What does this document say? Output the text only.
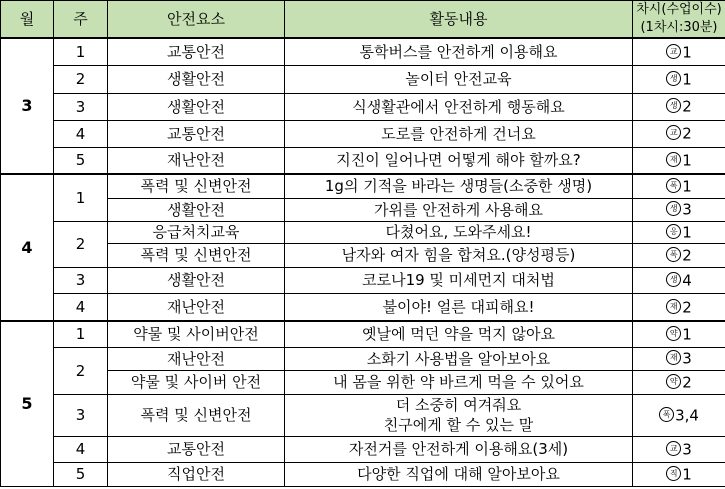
월	주	안전요소	활동내용	차시(수업이수)
(1차시:30분)

3	1	교통안전	통학버스를 안전하게 이용해요	교 1
	2	생활안전	놀이터 안전교육	생 1
	3	생활안전	식생활관에서 안전하게 행동해요	생 2
	4	교통안전	도로를 안전하게 건너요	교 2
	5	재난안전	지진이 일어나면 어떻게 해야 할까요?	재 1
4	1	폭력 및 신변안전	1g의 기적을 바라는 생명들(소중한 생명)	폭 1
		생활안전	가위를 안전하게 사용해요	생 3
	2	응급처치교육	다쳤어요, 도와주세요!	응 1
		폭력 및 신변안전	남자와 여자 힘을 합쳐요.(양성평등)	폭 2
	3	생활안전	코로나19 및 미세먼지 대처법	생 4
	4	재난안전	불이야! 얼른 대피해요!	재 2
5	1	약물 및 사이버안전	옛날에 먹던 약을 먹지 않아요	약 1
	2	재난안전	소화기 사용법을 알아보아요	재 3
		약물 및 사이버 안전	내 몸을 위한 약 바르게 먹을 수 있어요	약 2
	3	폭력 및 신변안전	더 소중히 여겨줘요
친구에게 할 수 있는 말	폭 3,4
	4	교통안전	자전거를 안전하게 이용해요(3세)	교 3
	5	직업안전	다양한 직업에 대해 알아보아요	직 1
